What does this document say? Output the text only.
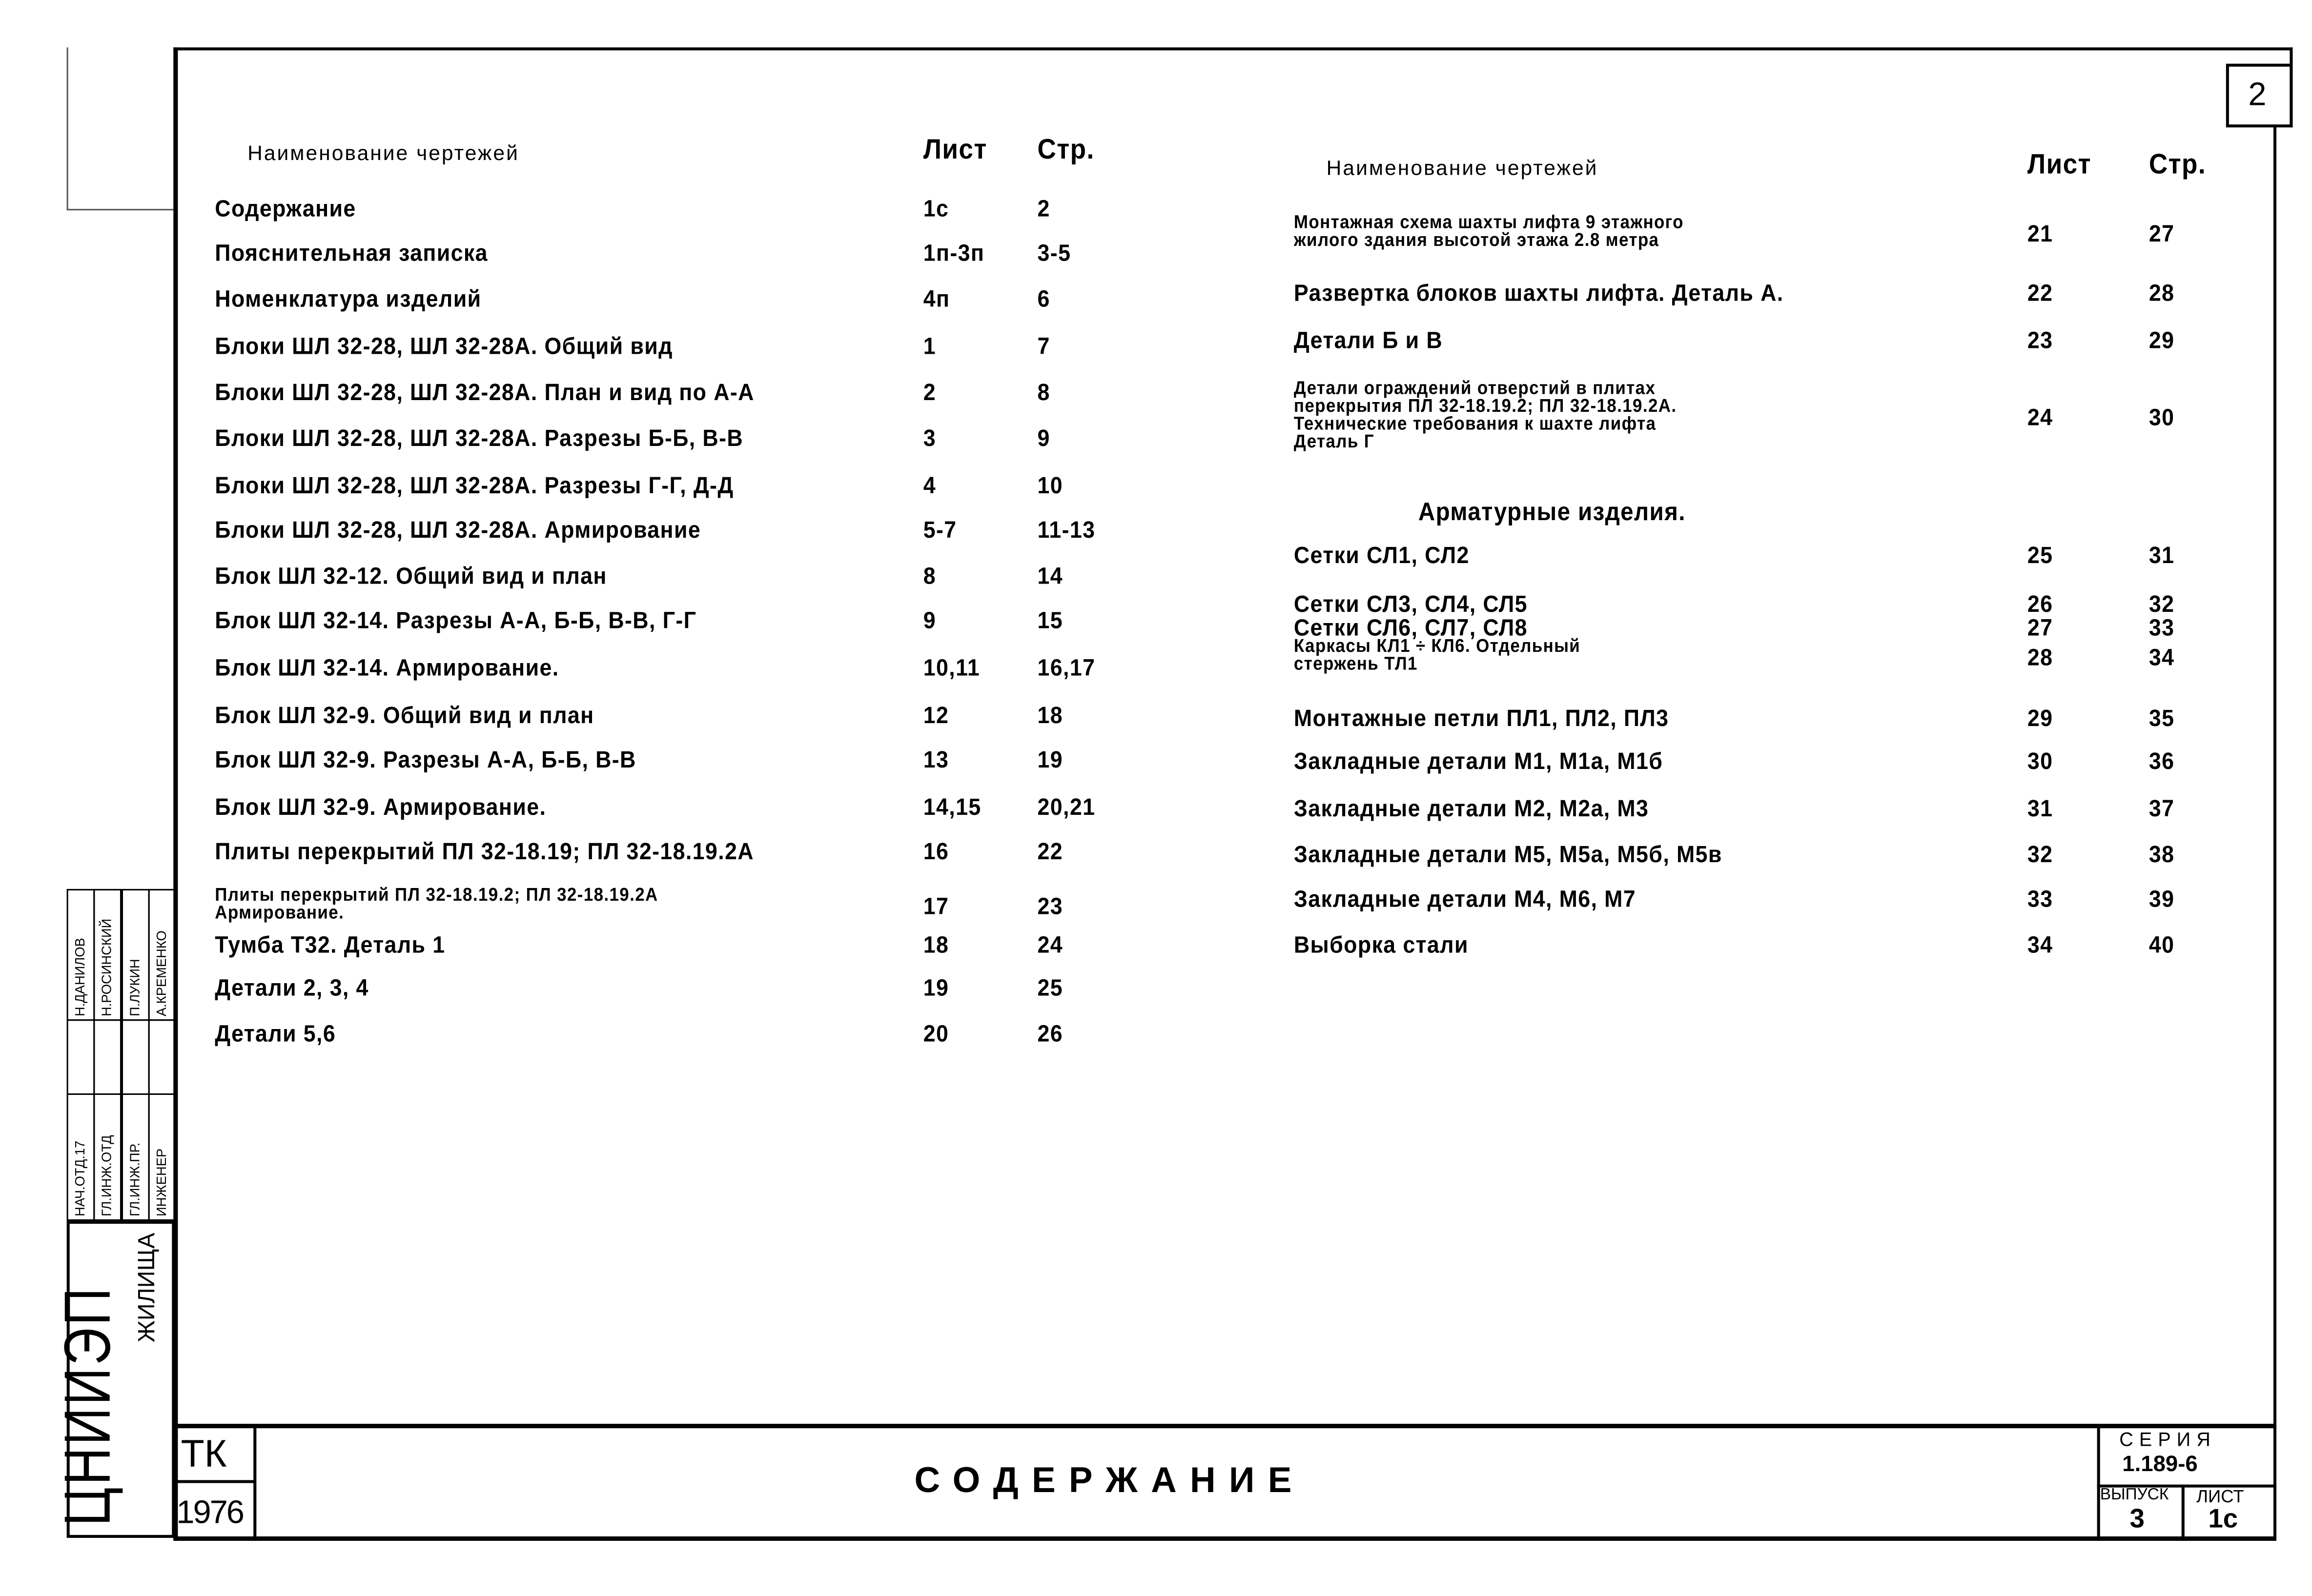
2
Наименование чертежей	Лист	Стр.
Содержание	1с	2
Пояснительная записка	1п-3п	3-5
Номенклатура изделий	4п	6
Блоки ШЛ 32-28, ШЛ 32-28А. Общий вид	1	7
Блоки ШЛ 32-28, ШЛ 32-28А. План и вид по А-А	2	8
Блоки ШЛ 32-28, ШЛ 32-28А. Разрезы Б-Б, В-В	3	9
Блоки ШЛ 32-28, ШЛ 32-28А. Разрезы Г-Г, Д-Д	4	10
Блоки ШЛ 32-28, ШЛ 32-28А. Армирование	5-7	11-13
Блок ШЛ 32-12. Общий вид и план	8	14
Блок ШЛ 32-14. Разрезы А-А, Б-Б, В-В, Г-Г	9	15
Блок ШЛ 32-14. Армирование.	10,11	16,17
Блок ШЛ 32-9. Общий вид и план	12	18
Блок ШЛ 32-9. Разрезы А-А, Б-Б, В-В	13	19
Блок ШЛ 32-9. Армирование.	14,15	20,21
Плиты перекрытий ПЛ 32-18.19; ПЛ 32-18.19.2А	16	22
Плиты перекрытий ПЛ 32-18.19.2; ПЛ 32-18.19.2А
Армирование.	17	23
Тумба Т32. Деталь 1	18	24
Детали 2, 3, 4	19	25
Детали 5,6	20	26
Наименование чертежей	Лист	Стр.
Монтажная схема шахты лифта 9 этажного
жилого здания высотой этажа 2.8 метра	21	27
Развертка блоков шахты лифта. Деталь А.	22	28
Детали Б и В	23	29
Детали ограждений отверстий в плитах
перекрытия ПЛ 32-18.19.2; ПЛ 32-18.19.2А.
Технические требования к шахте лифта
Деталь Г
24	30
Сетки СЛ1, СЛ2	25	31
Сетки СЛ3, СЛ4, СЛ5	26	32
Сетки СЛ6, СЛ7, СЛ8	27	33
Каркасы КЛ1 ÷ КЛ6. Отдельный
стержень ТЛ1	28	34
Монтажные петли ПЛ1, ПЛ2, ПЛ3	29	35
Закладные детали М1, М1а, М1б	30	36
Закладные детали М2, М2а, М3	31	37
Закладные детали М5, М5а, М5б, М5в	32	38
Закладные детали М4, М6, М7	33	39
Выборка стали	34	40
Арматурные изделия.
ТК
1976
СОДЕРЖАНИЕ
СЕРИЯ
1.189-6
ВЫПУСК
3
ЛИСТ
1с
ЦНИИЭП ЖИЛИЩА
НАЧ.ОТД.17
Н.ДАНИЛОВ
ГЛ.ИНЖ.ОТД
Н.РОСИНСКИЙ
ГЛ.ИНЖ.ПР.
П.ЛУКИН
ИНЖЕНЕР
А.КРЕМЕНКО
